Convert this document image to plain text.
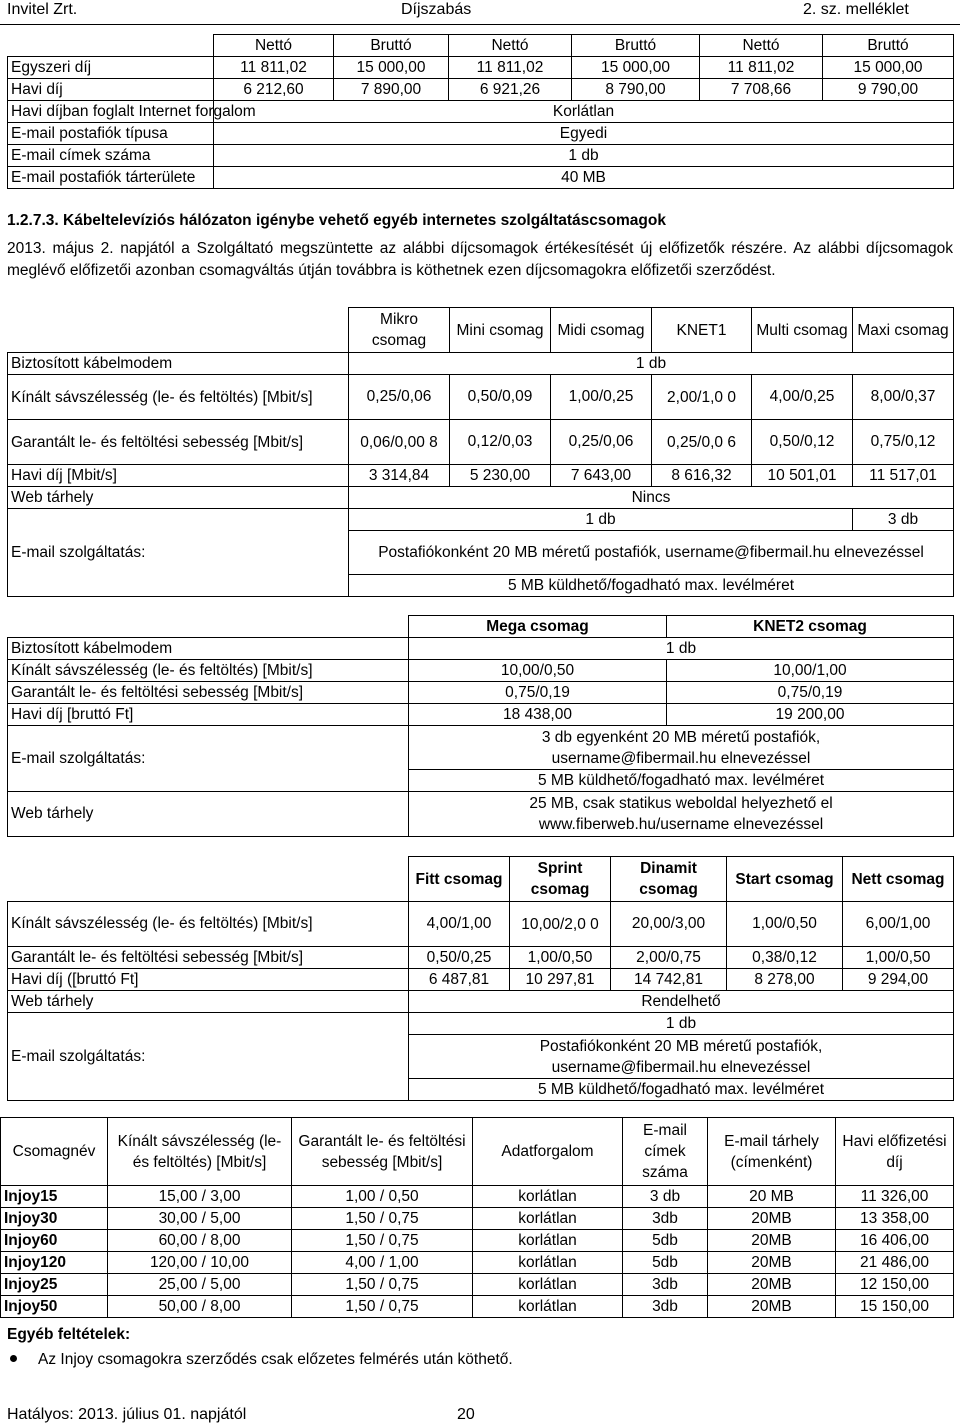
Invitel Zrt.	Díjszabás	2. sz. melléklet
	Nettó	Bruttó	Nettó	Bruttó	Nettó	Bruttó
Egyszeri díj	11 811,02	15 000,00	11 811,02	15 000,00	11 811,02	15 000,00
Havi díj	6 212,60	7 890,00	6 921,26	8 790,00	7 708,66	9 790,00
Havi díjban foglalt Internet forgalom	Korlátlan					
E-mail postafiók típusa	Egyedi					
E-mail címek száma	1 db					
E-mail postafiók tárterülete	40 MB					
1.2.7.3. Kábeltelevíziós hálózaton igénybe vehető egyéb internetes szolgáltatáscsomagok
2013. május 2. napjától a Szolgáltató megszüntette az alábbi díjcsomagok értékesítését új előfizetők részére. Az alábbi díjcsomagok meglévő előfizetői azonban csomagváltás útján továbbra is köthetnek ezen díjcsomagokra előfizetői szerződést.
	Mikro csomag	Mini csomag	Midi csomag	KNET1	Multi csomag	Maxi csomag
Biztosított kábelmodem	1 db					
Kínált sávszélesség (le- és feltöltés) [Mbit/s]	0,25/0,06	0,50/0,09	1,00/0,25	2,00/1,0 0	4,00/0,25	8,00/0,37
Garantált le- és feltöltési sebesség [Mbit/s]	0,06/0,00 8	0,12/0,03	0,25/0,06	0,25/0,0 6	0,50/0,12	0,75/0,12
Havi díj [Mbit/s]	3 314,84	5 230,00	7 643,00	8 616,32	10 501,01	11 517,01
Web tárhely	Nincs					
E-mail szolgáltatás:	1 db					3 db
	Postafiókonként 20 MB méretű postafiók, username@fibermail.hu elnevezéssel					
	5 MB küldhető/fogadható max. levélméret					
	Mega csomag	KNET2 csomag
Biztosított kábelmodem	1 db	
Kínált sávszélesség (le- és feltöltés) [Mbit/s]	10,00/0,50	10,00/1,00
Garantált le- és feltöltési sebesség [Mbit/s]	0,75/0,19	0,75/0,19
Havi díj [bruttó Ft]	18 438,00	19 200,00
E-mail szolgáltatás:	3 db egyenként 20 MB méretű postafiók, username@fibermail.hu elnevezéssel	
	5 MB küldhető/fogadható max. levélméret	
Web tárhely	25 MB, csak statikus weboldal helyezhető el www.fiberweb.hu/username elnevezéssel	
	Fitt csomag	Sprint csomag	Dinamit csomag	Start csomag	Nett csomag
Kínált sávszélesség (le- és feltöltés) [Mbit/s]	4,00/1,00	10,00/2,0 0	20,00/3,00	1,00/0,50	6,00/1,00
Garantált le- és feltöltési sebesség [Mbit/s]	0,50/0,25	1,00/0,50	2,00/0,75	0,38/0,12	1,00/0,50
Havi díj ([bruttó Ft]	6 487,81	10 297,81	14 742,81	8 278,00	9 294,00
Web tárhely	Rendelhető				
E-mail szolgáltatás:	1 db				
	Postafiókonként 20 MB méretű postafiók, username@fibermail.hu elnevezéssel				
	5 MB küldhető/fogadható max. levélméret				
Csomagnév	Kínált sávszélesség (le- és feltöltés) [Mbit/s]	Garantált le- és feltöltési sebesség [Mbit/s]	Adatforgalom	E-mail címek száma	E-mail tárhely (címenként)	Havi előfizetési díj
Injoy15	15,00 / 3,00	1,00 / 0,50	korlátlan	3 db	20 MB	11 326,00
Injoy30	30,00 / 5,00	1,50 / 0,75	korlátlan	3db	20MB	13 358,00
Injoy60	60,00 / 8,00	1,50 / 0,75	korlátlan	5db	20MB	16 406,00
Injoy120	120,00 / 10,00	4,00 / 1,00	korlátlan	5db	20MB	21 486,00
Injoy25	25,00 / 5,00	1,50 / 0,75	korlátlan	3db	20MB	12 150,00
Injoy50	50,00 / 8,00	1,50 / 0,75	korlátlan	3db	20MB	15 150,00
Egyéb feltételek:
Az Injoy csomagokra szerződés csak előzetes felmérés után köthető.
Hatályos: 2013. július 01. napjától	20
